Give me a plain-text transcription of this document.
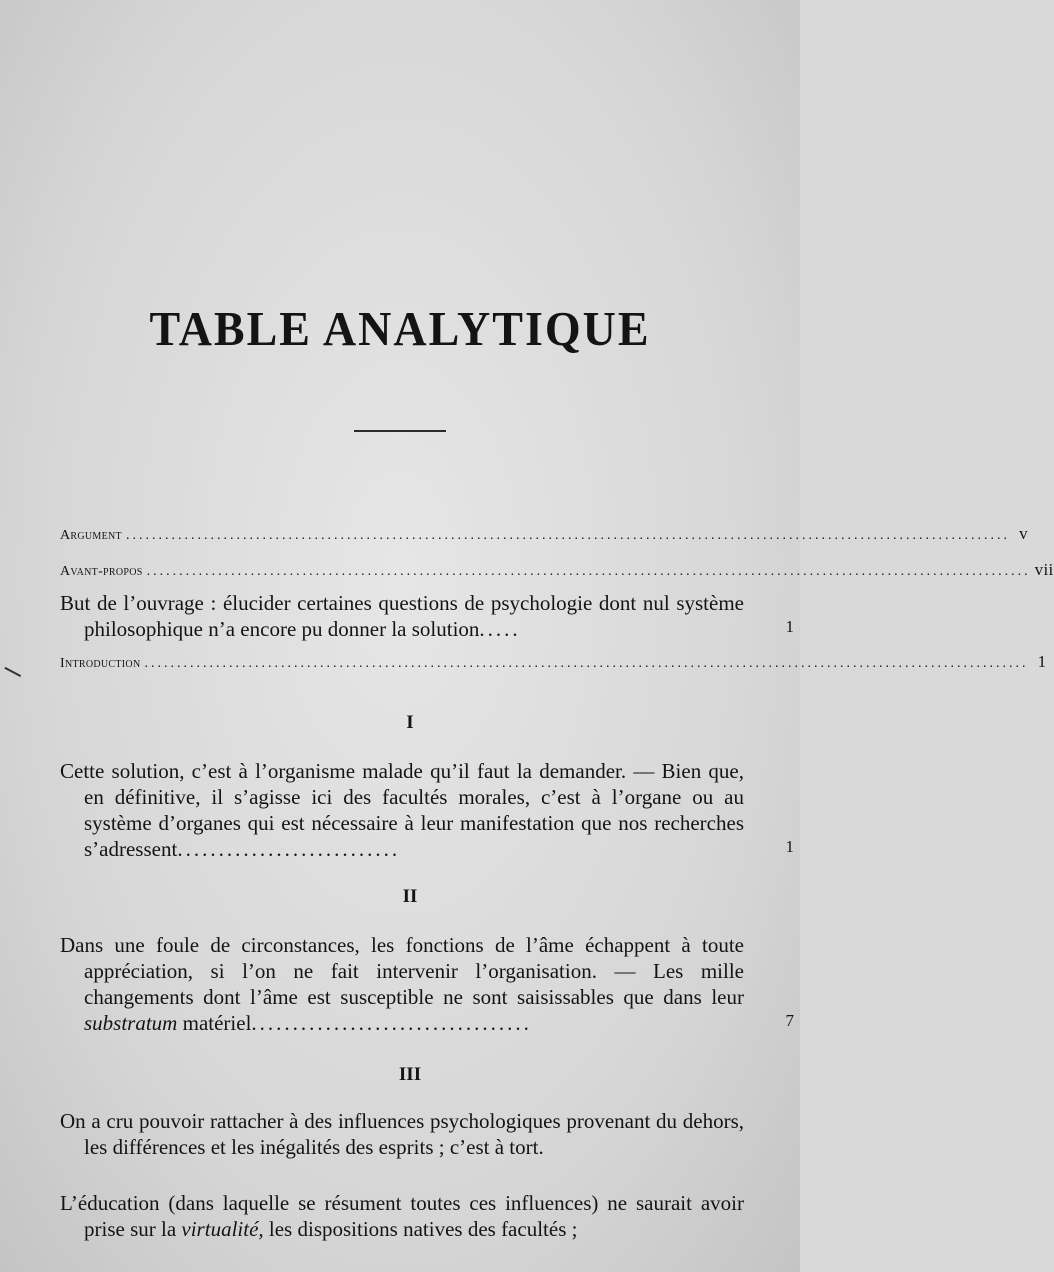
TABLE ANALYTIQUE
Argument ........................................................................................................................................ v
Avant-propos ........................................................................................................................................ vii
But de l’ouvrage : élucider certaines questions de psychologie dont nul système philosophique n’a encore pu donner la solution.....	1
Introduction ........................................................................................................................................ 1
I
Cette solution, c’est à l’organisme malade qu’il faut la demander. — Bien que, en définitive, il s’agisse ici des facultés morales, c’est à l’organe ou au système d’organes qui est nécessaire à leur manifestation que nos recherches s’adressent...........................	1
II
Dans une foule de circonstances, les fonctions de l’âme échappent à toute appréciation, si l’on ne fait intervenir l’organisation. — Les mille changements dont l’âme est susceptible ne sont saisissables que dans leur substratum matériel..................................	7
III
On a cru pouvoir rattacher à des influences psychologiques provenant du dehors, les différences et les inégalités des esprits ; c’est à tort.
L’éducation (dans laquelle se résument toutes ces influences) ne saurait avoir prise sur la virtualité, les dispositions natives des facultés ;
